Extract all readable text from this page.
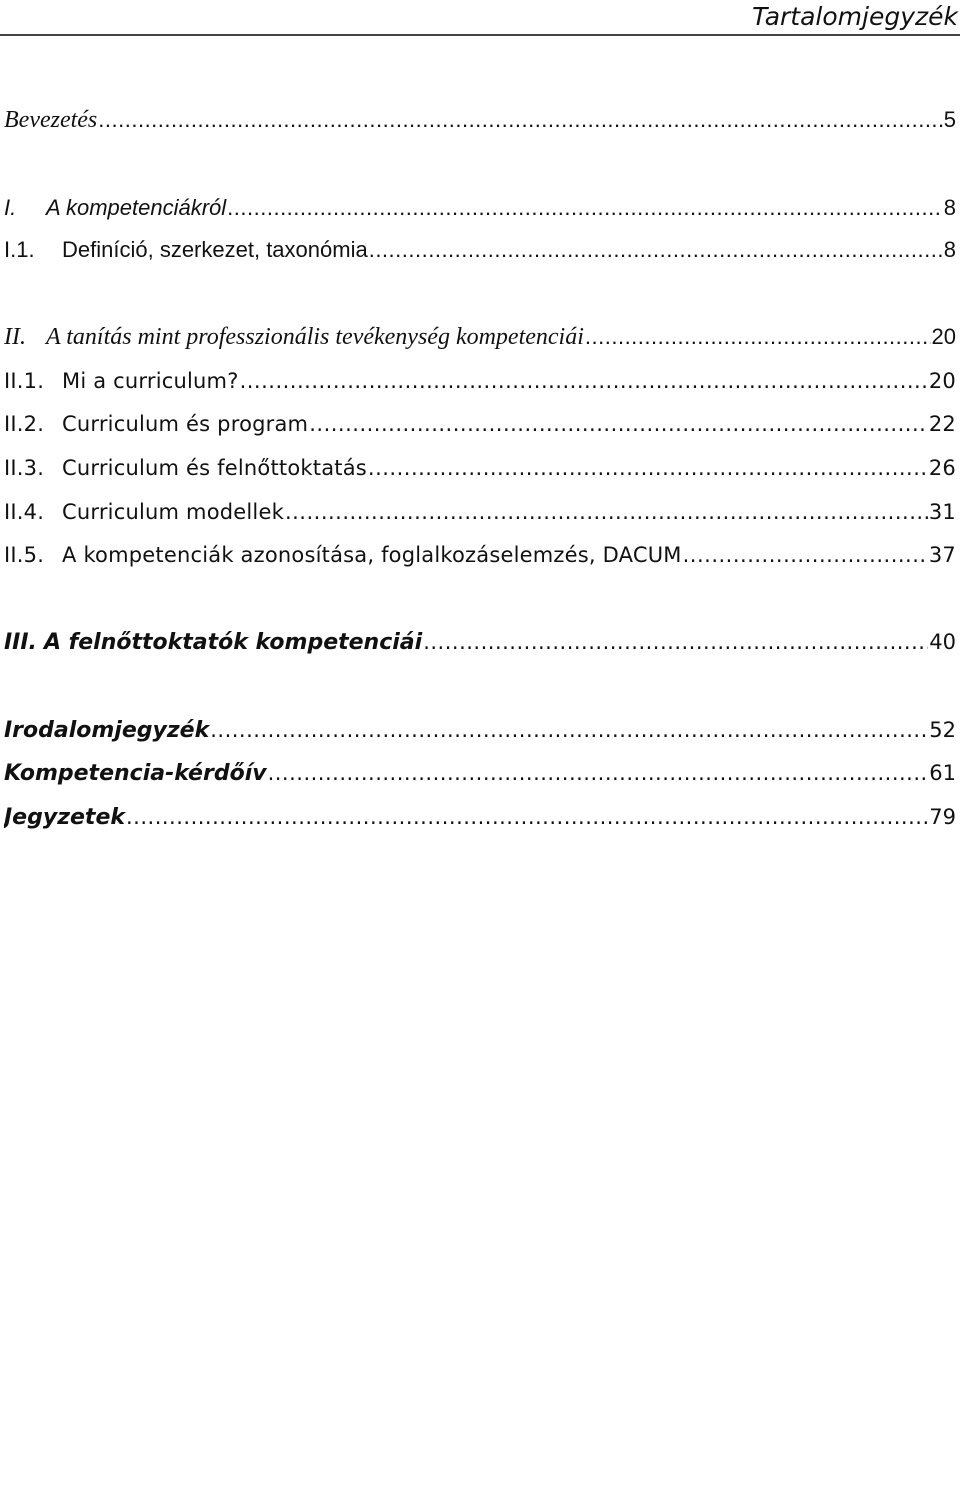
Tartalomjegyzék
Bevezetés .....	5
I.	A kompetenciákról .....	8
I.1.	Definíció, szerkezet, taxonómia .....	8
II. A tanítás mint professzionális tevékenység kompetenciái .....	20
II.1. Mi a curriculum? .....	20
II.2. Curriculum és program .....	22
II.3. Curriculum és felnőttoktatás .....	26
II.4. Curriculum modellek .....	31
II.5. A kompetenciák azonosítása, foglalkozáselemzés, DACUM .....	37
III. A felnőttoktatók kompetenciái .....	40
Irodalomjegyzék .....	52
Kompetencia-kérdőív .....	61
Jegyzetek .....	79
